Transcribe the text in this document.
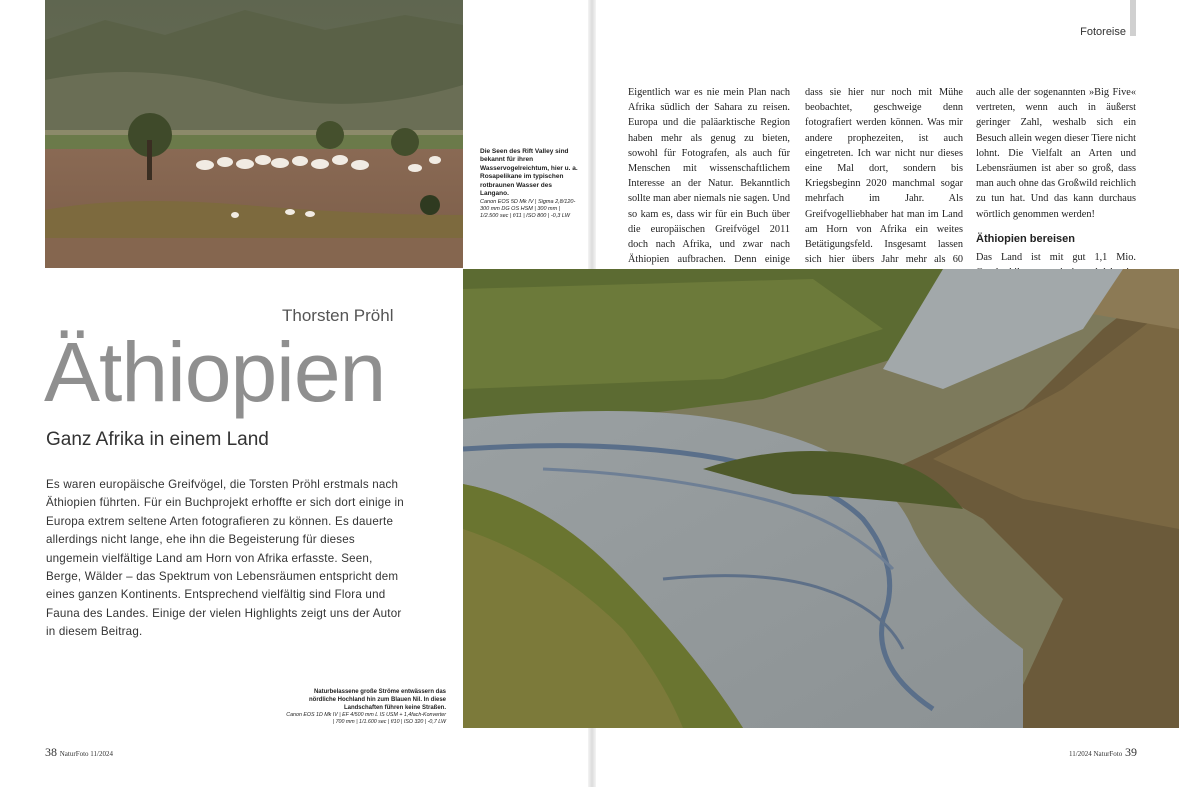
Die Seen des Rift Valley sind bekannt für ihren Wasservogelreichtum, hier u. a. Rosapelikane im typischen rotbraunen Wasser des Langano.
Canon EOS 5D Mk IV | Sigma 2,8/120-300 mm DG OS HSM | 300 mm | 1/2.500 sec | f/11 | ISO 800 | -0,3 LW
Thorsten Pröhl
Äthiopien
Ganz Afrika in einem Land

Es waren europäische Greifvögel, die Torsten Pröhl erstmals nach Äthiopien führten. Für ein Buchprojekt erhoffte er sich dort einige in Europa extrem seltene Arten fotografieren zu können. Es dauerte allerdings nicht lange, ehe ihn die Begeisterung für dieses ungemein vielfältige Land am Horn von Afrika erfasste. Seen, Berge, Wälder – das Spektrum von Lebensräumen entspricht dem eines ganzen Kontinents. Entsprechend vielfältig sind Flora und Fauna des Landes. Einige der vielen Highlights zeigt uns der Autor in diesem Beitrag.

Naturbelassene große Ströme entwässern das nördliche Hochland hin zum Blauen Nil. In diese Landschaften führen keine Straßen.
Canon EOS 1D Mk IV | EF 4/500 mm L IS USM + 1,4fach-Konverter | 700 mm | 1/1.600 sec | f/10 | ISO 320 | -0,7 LW
38 NaturFoto 11/2024
Fotoreise

Eigentlich war es nie mein Plan nach Afrika südlich der Sahara zu reisen. Europa und die paläarktische Region haben mehr als genug zu bieten, sowohl für Fotografen, als auch für Menschen mit wissenschaftlichem Interesse an der Natur. Bekanntlich sollte man aber niemals nie sagen. Und so kam es, dass wir für ein Buch über die europäischen Greifvögel 2011 doch nach Afrika, und zwar nach Äthiopien aufbrachen. Denn einige

dass sie hier nur noch mit Mühe beobachtet, geschweige denn fotografiert werden können. Was mir andere prophezeiten, ist auch eingetreten. Ich war nicht nur dieses eine Mal dort, sondern bis Kriegsbeginn 2020 manchmal sogar mehrfach im Jahr. Als Greifvogelliebhaber hat man im Land am Horn von Afrika ein weites Betätigungsfeld. Insgesamt lassen sich hier übers Jahr mehr als 60

auch alle der sogenannten »Big Five« vertreten, wenn auch in äußerst geringer Zahl, weshalb sich ein Besuch allein wegen dieser Tiere nicht lohnt. Die Vielfalt an Arten und Lebensräumen ist aber so groß, dass man auch ohne das Großwild reichlich zu tun hat. Und das kann durchaus wörtlich genommen werden!

Äthiopien bereisen

Das Land ist mit gut 1,1 Mio.

11/2024 NaturFoto 39
